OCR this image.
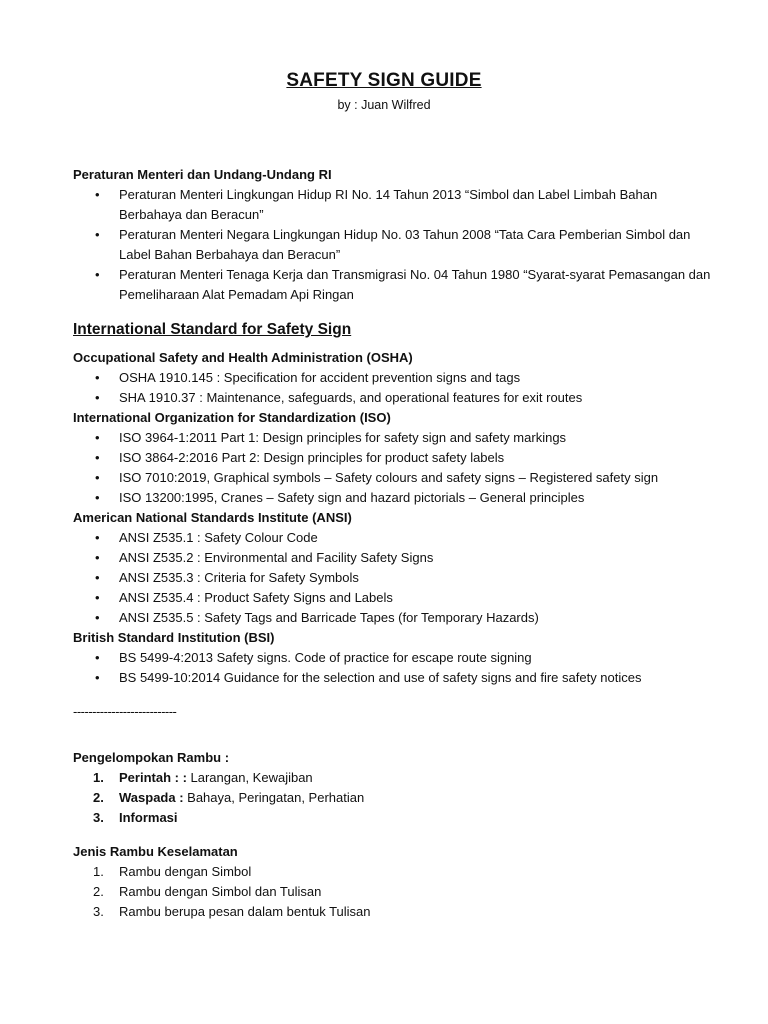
SAFETY SIGN GUIDE
by : Juan Wilfred

Peraturan Menteri dan Undang-Undang RI

• Peraturan Menteri Lingkungan Hidup RI No. 14 Tahun 2013 “Simbol dan Label Limbah Bahan Berbahaya dan Beracun”
• Peraturan Menteri Negara Lingkungan Hidup No. 03 Tahun 2008 “Tata Cara Pemberian Simbol dan Label Bahan Berbahaya dan Beracun”
• Peraturan Menteri Tenaga Kerja dan Transmigrasi No. 04 Tahun 1980 “Syarat-syarat Pemasangan dan Pemeliharaan Alat Pemadam Api Ringan

International Standard for Safety Sign

Occupational Safety and Health Administration (OSHA)

• OSHA 1910.145 : Specification for accident prevention signs and tags
• SHA 1910.37 : Maintenance, safeguards, and operational features for exit routes

International Organization for Standardization (ISO)

• ISO 3964-1:2011 Part 1: Design principles for safety sign and safety markings
• ISO 3864-2:2016 Part 2: Design principles for product safety labels
• ISO 7010:2019, Graphical symbols – Safety colours and safety signs – Registered safety sign
• ISO 13200:1995, Cranes – Safety sign and hazard pictorials – General principles

American National Standards Institute (ANSI)

• ANSI Z535.1 : Safety Colour Code
• ANSI Z535.2 : Environmental and Facility Safety Signs
• ANSI Z535.3 : Criteria for Safety Symbols
• ANSI Z535.4 : Product Safety Signs and Labels
• ANSI Z535.5 : Safety Tags and Barricade Tapes (for Temporary Hazards)

British Standard Institution (BSI)

• BS 5499-4:2013 Safety signs. Code of practice for escape route signing
• BS 5499-10:2014 Guidance for the selection and use of safety signs and fire safety notices
---------------------------

Pengelompokan Rambu :

1. Perintah : : Larangan, Kewajiban
2. Waspada : Bahaya, Peringatan, Perhatian
3. Informasi

Jenis Rambu Keselamatan

1. Rambu dengan Simbol
2. Rambu dengan Simbol dan Tulisan
3. Rambu berupa pesan dalam bentuk Tulisan
